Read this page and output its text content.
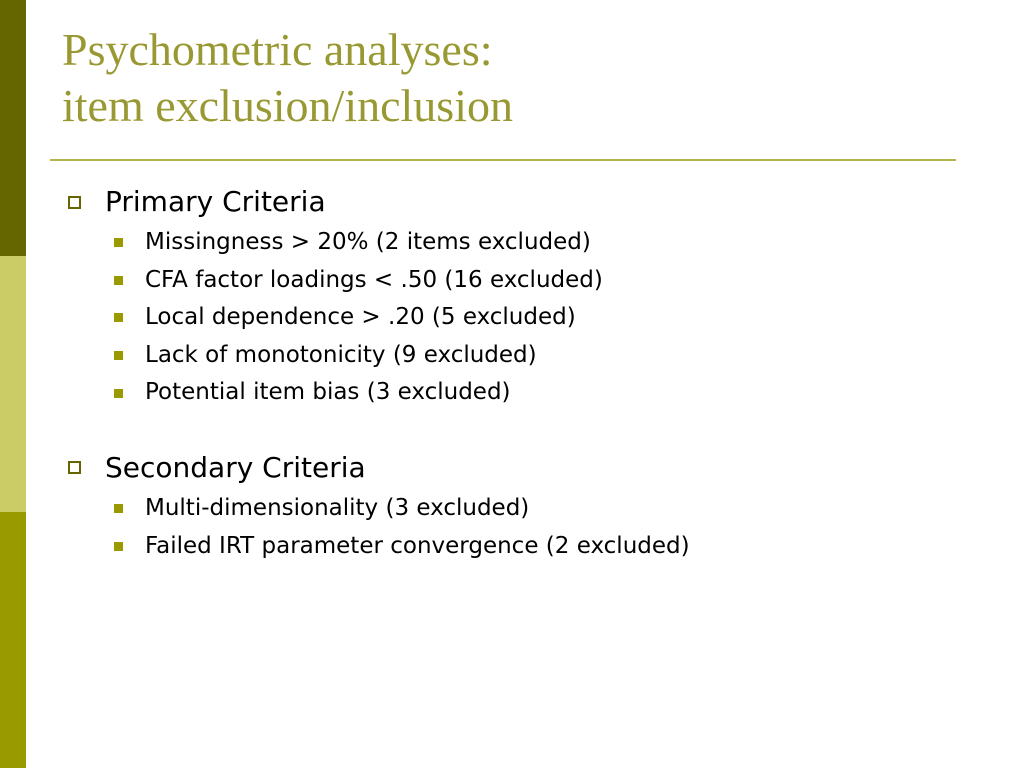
Psychometric analyses:
item exclusion/inclusion
Primary Criteria
Missingness > 20% (2 items excluded)
CFA factor loadings < .50 (16 excluded)
Local dependence > .20 (5 excluded)
Lack of monotonicity (9 excluded)
Potential item bias (3 excluded)
Secondary Criteria
Multi-dimensionality (3 excluded)
Failed IRT parameter convergence (2 excluded)
